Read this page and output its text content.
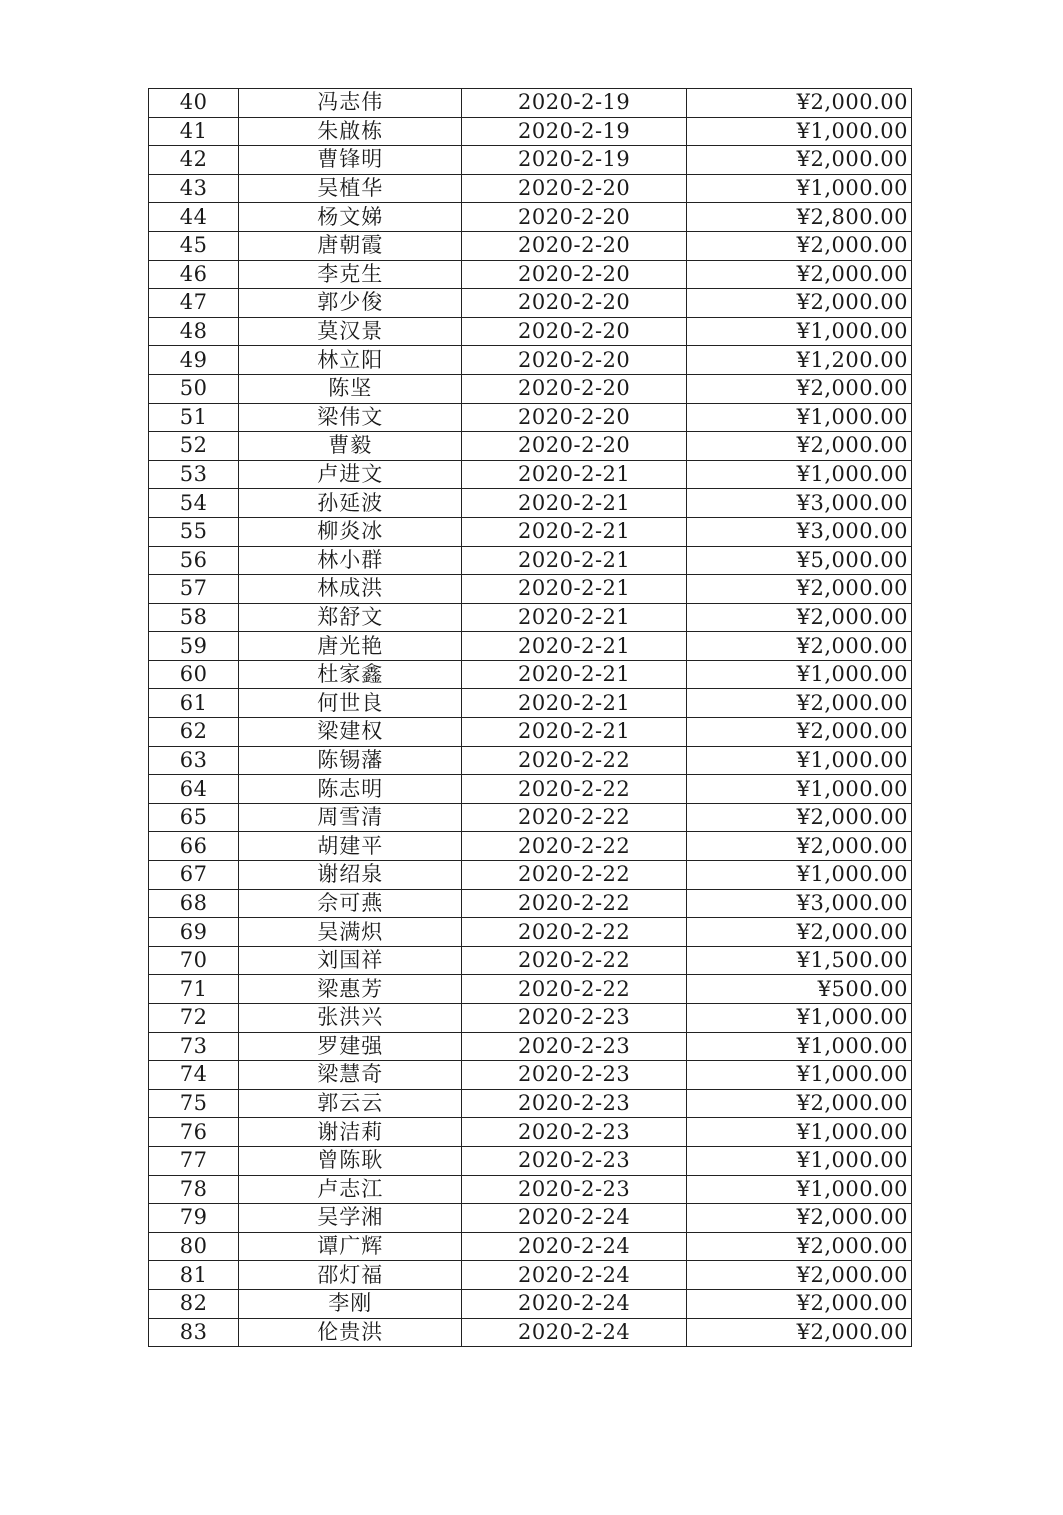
40	冯志伟	2020-2-19	¥2,000.00
41	朱啟栋	2020-2-19	¥1,000.00
42	曹锋明	2020-2-19	¥2,000.00
43	吴植华	2020-2-20	¥1,000.00
44	杨文娣	2020-2-20	¥2,800.00
45	唐朝霞	2020-2-20	¥2,000.00
46	李克生	2020-2-20	¥2,000.00
47	郭少俊	2020-2-20	¥2,000.00
48	莫汉景	2020-2-20	¥1,000.00
49	林立阳	2020-2-20	¥1,200.00
50	陈坚	2020-2-20	¥2,000.00
51	梁伟文	2020-2-20	¥1,000.00
52	曹毅	2020-2-20	¥2,000.00
53	卢进文	2020-2-21	¥1,000.00
54	孙延波	2020-2-21	¥3,000.00
55	柳炎冰	2020-2-21	¥3,000.00
56	林小群	2020-2-21	¥5,000.00
57	林成洪	2020-2-21	¥2,000.00
58	郑舒文	2020-2-21	¥2,000.00
59	唐光艳	2020-2-21	¥2,000.00
60	杜家鑫	2020-2-21	¥1,000.00
61	何世良	2020-2-21	¥2,000.00
62	梁建权	2020-2-21	¥2,000.00
63	陈锡藩	2020-2-22	¥1,000.00
64	陈志明	2020-2-22	¥1,000.00
65	周雪清	2020-2-22	¥2,000.00
66	胡建平	2020-2-22	¥2,000.00
67	谢绍泉	2020-2-22	¥1,000.00
68	佘可燕	2020-2-22	¥3,000.00
69	吴满炽	2020-2-22	¥2,000.00
70	刘国祥	2020-2-22	¥1,500.00
71	梁惠芳	2020-2-22	¥500.00
72	张洪兴	2020-2-23	¥1,000.00
73	罗建强	2020-2-23	¥1,000.00
74	梁慧奇	2020-2-23	¥1,000.00
75	郭云云	2020-2-23	¥2,000.00
76	谢洁莉	2020-2-23	¥1,000.00
77	曾陈耿	2020-2-23	¥1,000.00
78	卢志江	2020-2-23	¥1,000.00
79	吴学湘	2020-2-24	¥2,000.00
80	谭广辉	2020-2-24	¥2,000.00
81	邵灯福	2020-2-24	¥2,000.00
82	李刚	2020-2-24	¥2,000.00
83	伦贵洪	2020-2-24	¥2,000.00
